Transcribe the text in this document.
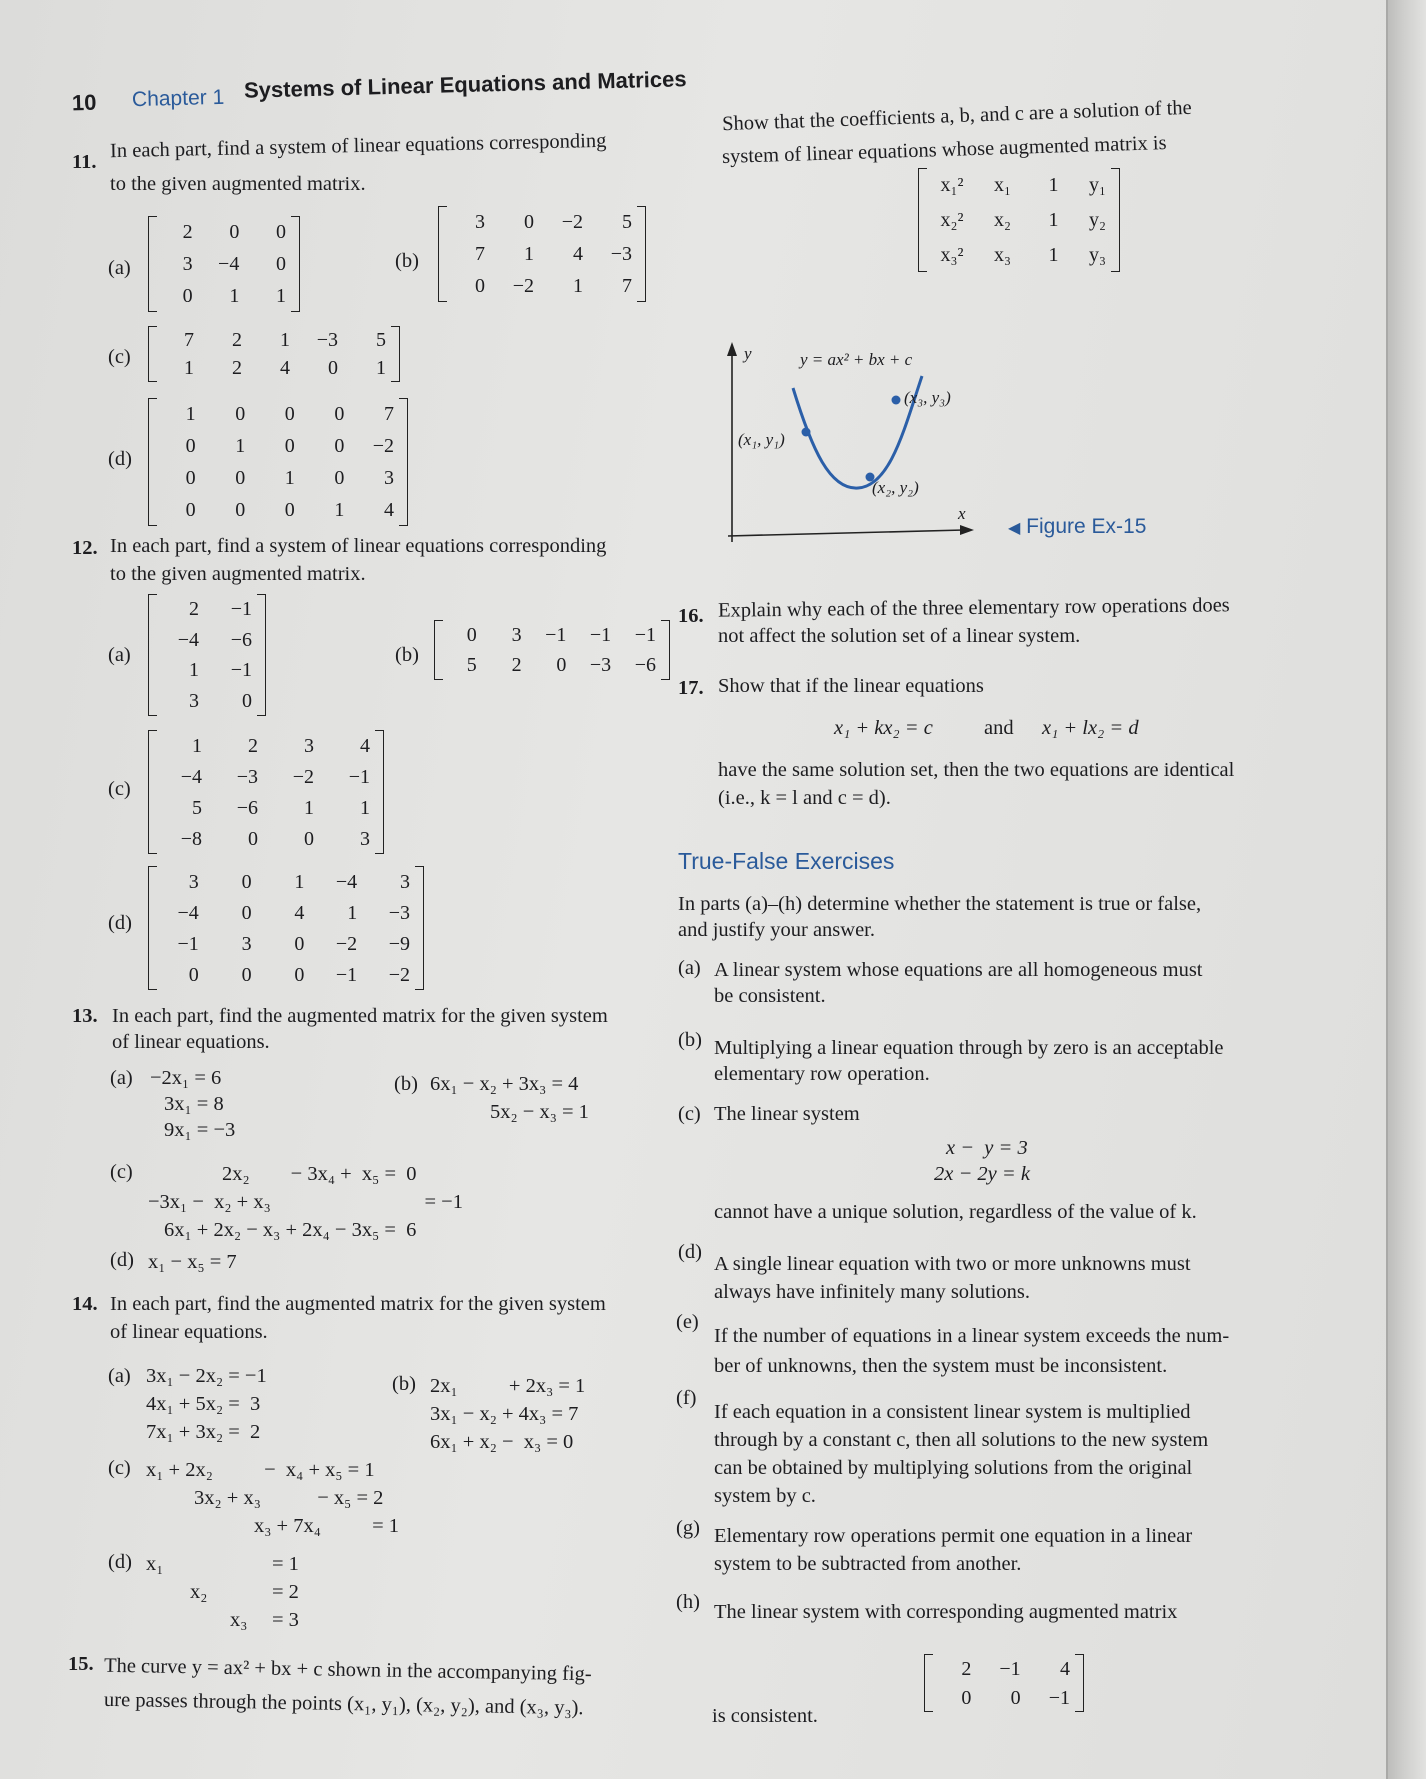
10 Chapter 1 Systems of Linear Equations and Matrices
11. In each part, find a system of linear equations corresponding
to the given augmented matrix.
(a)
2	0	0
3	−4	0
0	1	1
(b)
3	0	−2	5
7	1	4	−3
0	−2	1	7
(c)
7	2	1	−3	5
1	2	4	0	1
(d)
1	0	0	0	7
0	1	0	0	−2
0	0	1	0	3
0	0	0	1	4
12. In each part, find a system of linear equations corresponding
to the given augmented matrix.
(a)
2	−1
−4	−6
1	−1
3	0
(b)
0	3	−1	−1	−1
5	2	0	−3	−6
(c)
1	2	3	4
−4	−3	−2	−1
5	−6	1	1
−8	0	0	3
(d)
3	0	1	−4	3
−4	0	4	1	−3
−1	3	0	−2	−9
0	0	0	−1	−2
13. In each part, find the augmented matrix for the given system
of linear equations.
(a) −2x₁ = 6
3x₁ = 8
9x₁ = −3
(b) 6x₁ − x₂ + 3x₃ = 4
5x₂ − x₃ = 1
(c)	2x₂        − 3x₄ +  x₅ =  0
−3x₁ −  x₂ + x₃                              = −1
6x₁ + 2x₂ − x₃ + 2x₄ − 3x₅ =  6
(d) x₁ − x₅ = 7
14. In each part, find the augmented matrix for the given system
of linear equations.
(a) 3x₁ − 2x₂ = −1
4x₁ + 5x₂ =  3
7x₁ + 3x₂ =  2
(b) 2x₁          + 2x₃ = 1
3x₁ − x₂ + 4x₃ = 7
6x₁ + x₂ −  x₃ = 0
(c) x₁ + 2x₂          −  x₄ + x₅ = 1
3x₂ + x₃           − x₅ = 2
x₃ + 7x₄          = 1
(d) x₁
x₂
x₃
= 1
= 2
= 3
15. The curve y = ax² + bx + c shown in the accompanying fig-
ure passes through the points (x₁, y₁), (x₂, y₂), and (x₃, y₃).
Show that the coefficients a, b, and c are a solution of the
system of linear equations whose augmented matrix is
x₁²	x₁	1	y₁
x₂²	x₂	1	y₂
x₃²	x₃	1	y₃
y
x
y = ax² + bx + c
(x₁, y₁)
(x₂, y₂)
(x₃, y₃)
◀ Figure Ex-15
16. Explain why each of the three elementary row operations does
not affect the solution set of a linear system.
17. Show that if the linear equations
x₁ + kx₂ = c and x₁ + lx₂ = d
have the same solution set, then the two equations are identical
(i.e., k = l and c = d).
True-False Exercises
In parts (a)–(h) determine whether the statement is true or false,
and justify your answer.
(a) A linear system whose equations are all homogeneous must
be consistent.
(b) Multiplying a linear equation through by zero is an acceptable
elementary row operation.
(c) The linear system
x −  y = 3
2x − 2y = k
cannot have a unique solution, regardless of the value of k.
(d)
A single linear equation with two or more unknowns must
always have infinitely many solutions.
(e)
If the number of equations in a linear system exceeds the num-
ber of unknowns, then the system must be inconsistent.
(f)
If each equation in a consistent linear system is multiplied
through by a constant c, then all solutions to the new system
can be obtained by multiplying solutions from the original
system by c.
(g) Elementary row operations permit one equation in a linear
system to be subtracted from another.
(h) The linear system with corresponding augmented matrix
2	−1	4
0	0	−1
is consistent.
